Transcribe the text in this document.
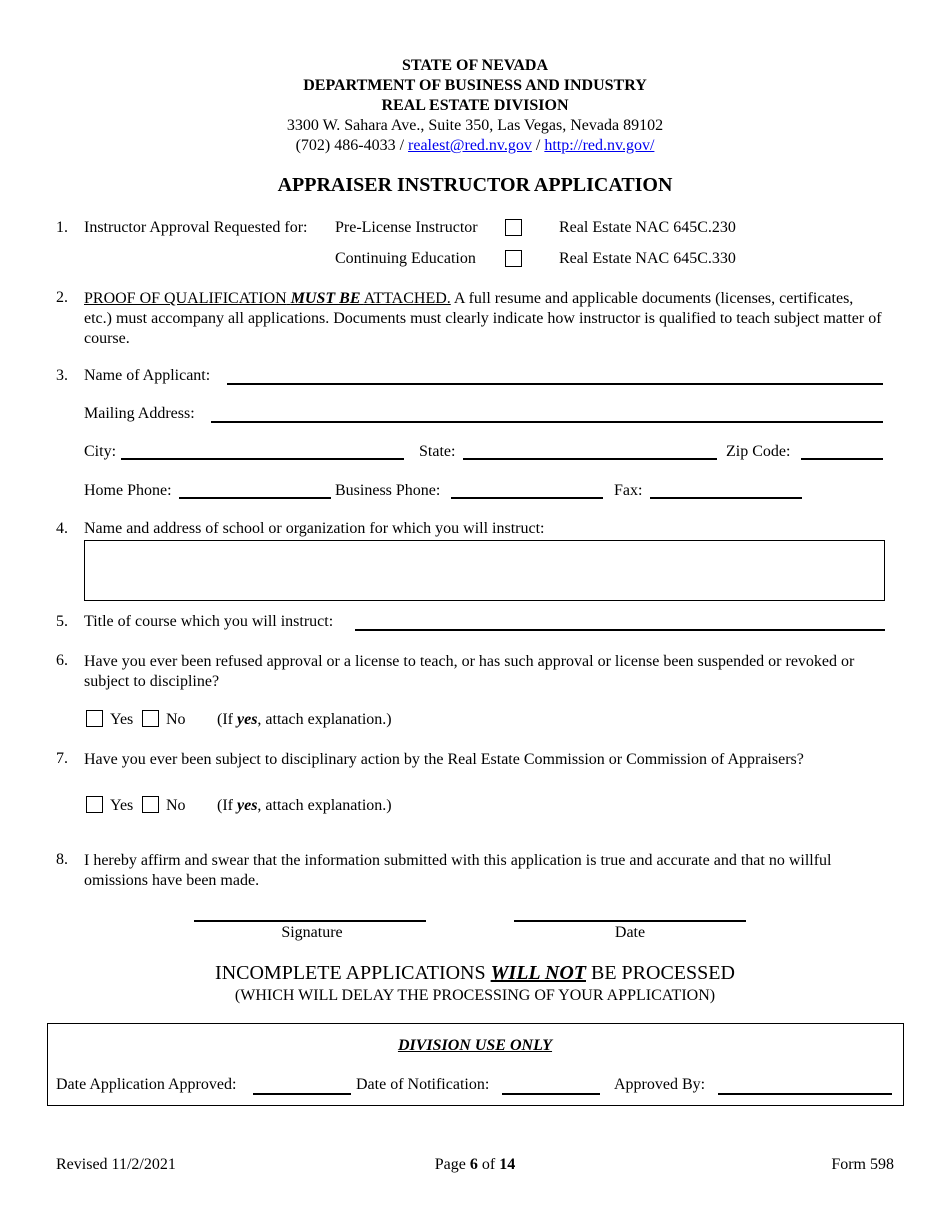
STATE OF NEVADA
DEPARTMENT OF BUSINESS AND INDUSTRY
REAL ESTATE DIVISION
3300 W. Sahara Ave., Suite 350, Las Vegas, Nevada 89102
(702) 486-4033 / realest@red.nv.gov / http://red.nv.gov/
APPRAISER INSTRUCTOR APPLICATION
1. Instructor Approval Requested for: Pre-License Instructor	Real Estate NAC 645C.230
Continuing Education	Real Estate NAC 645C.330
2. PROOF OF QUALIFICATION MUST BE ATTACHED. A full resume and applicable documents (licenses, certificates, etc.) must accompany all applications. Documents must clearly indicate how instructor is qualified to teach subject matter of course.
3. Name of Applicant:
Mailing Address:
City:	State:	Zip Code:
Home Phone:	Business Phone:	Fax:
4. Name and address of school or organization for which you will instruct:
5. Title of course which you will instruct:
6. Have you ever been refused approval or a license to teach, or has such approval or license been suspended or revoked or subject to discipline?
Yes No (If yes, attach explanation.)
7. Have you ever been subject to disciplinary action by the Real Estate Commission or Commission of Appraisers?
Yes No (If yes, attach explanation.)
8. I hereby affirm and swear that the information submitted with this application is true and accurate and that no willful omissions have been made.
Signature	Date
INCOMPLETE APPLICATIONS WILL NOT BE PROCESSED
(WHICH WILL DELAY THE PROCESSING OF YOUR APPLICATION)
DIVISION USE ONLY
Date Application Approved:	Date of Notification:	Approved By:
Revised 11/2/2021	Page 6 of 14	Form 598
